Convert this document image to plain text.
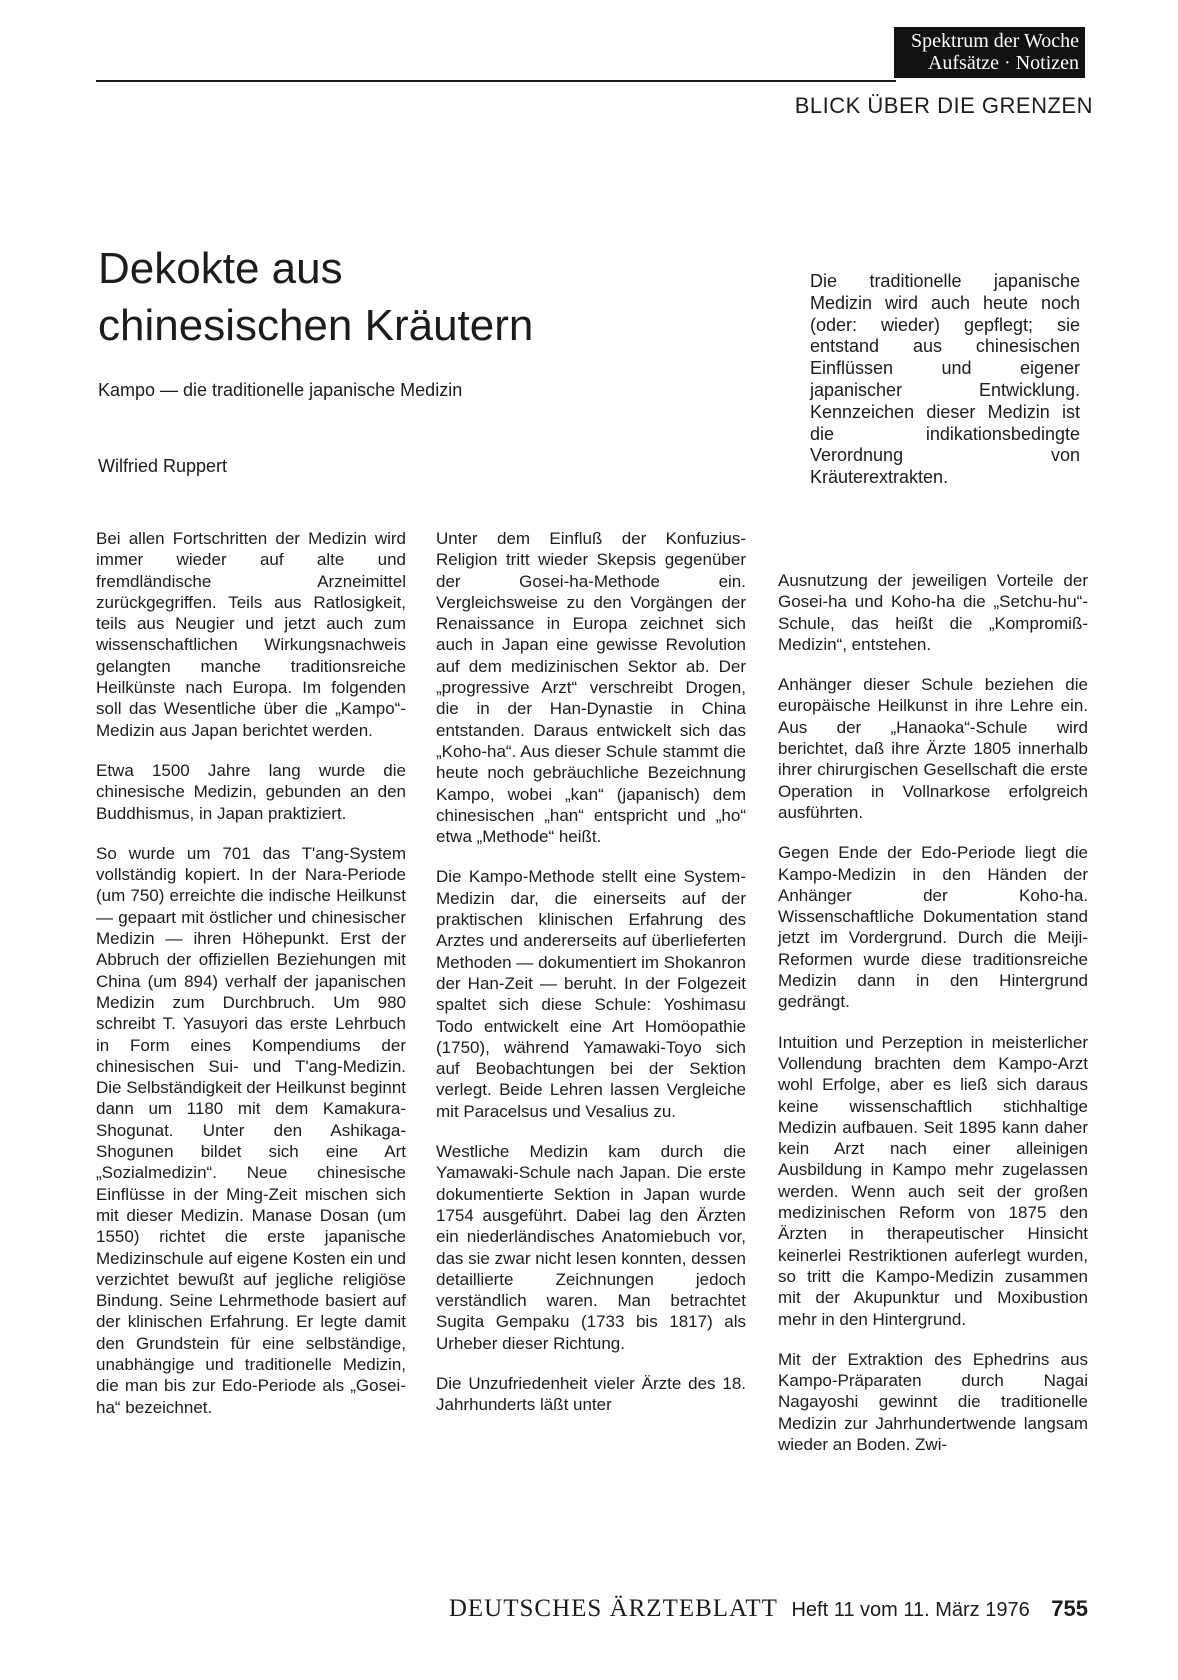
Spektrum der Woche
Aufsätze · Notizen
BLICK ÜBER DIE GRENZEN
Dekokte aus
chinesischen Kräutern
Kampo — die traditionelle japanische Medizin
Wilfried Ruppert

Die traditionelle japanische Medizin wird auch heute noch (oder: wieder) gepflegt; sie entstand aus chinesischen Einflüssen und eigener japanischer Entwicklung. Kennzeichen dieser Medizin ist die indikationsbedingte Verordnung von Kräuterextrakten.

Bei allen Fortschritten der Medizin wird immer wieder auf alte und fremdländische Arzneimittel zurückgegriffen. Teils aus Ratlosigkeit, teils aus Neugier und jetzt auch zum wissenschaftlichen Wirkungsnachweis gelangten manche traditionsreiche Heilkünste nach Europa. Im folgenden soll das Wesentliche über die „Kampo“-Medizin aus Japan berichtet werden.

Etwa 1500 Jahre lang wurde die chinesische Medizin, gebunden an den Buddhismus, in Japan praktiziert.

So wurde um 701 das T'ang-System vollständig kopiert. In der Nara-Periode (um 750) erreichte die indische Heilkunst — gepaart mit östlicher und chinesischer Medizin — ihren Höhepunkt. Erst der Abbruch der offiziellen Beziehungen mit China (um 894) verhalf der japanischen Medizin zum Durchbruch. Um 980 schreibt T. Yasuyori das erste Lehrbuch in Form eines Kompendiums der chinesischen Sui- und T'ang-Medizin. Die Selbständigkeit der Heilkunst beginnt dann um 1180 mit dem Kamakura-Shogunat. Unter den Ashikaga-Shogunen bildet sich eine Art „Sozialmedizin“. Neue chinesische Einflüsse in der Ming-Zeit mischen sich mit dieser Medizin. Manase Dosan (um 1550) richtet die erste japanische Medizinschule auf eigene Kosten ein und verzichtet bewußt auf jegliche religiöse Bindung. Seine Lehrmethode basiert auf der klinischen Erfahrung. Er legte damit den Grundstein für eine selbständige, unabhängige und traditionelle Medizin, die man bis zur Edo-Periode als „Gosei-ha“ bezeichnet.

Unter dem Einfluß der Konfuzius-Religion tritt wieder Skepsis gegenüber der Gosei-ha-Methode ein. Vergleichsweise zu den Vorgängen der Renaissance in Europa zeichnet sich auch in Japan eine gewisse Revolution auf dem medizinischen Sektor ab. Der „progressive Arzt“ verschreibt Drogen, die in der Han-Dynastie in China entstanden. Daraus entwickelt sich das „Koho-ha“. Aus dieser Schule stammt die heute noch gebräuchliche Bezeichnung Kampo, wobei „kan“ (japanisch) dem chinesischen „han“ entspricht und „ho“ etwa „Methode“ heißt.

Die Kampo-Methode stellt eine System-Medizin dar, die einerseits auf der praktischen klinischen Erfahrung des Arztes und andererseits auf überlieferten Methoden — dokumentiert im Shokanron der Han-Zeit — beruht. In der Folgezeit spaltet sich diese Schule: Yoshimasu Todo entwickelt eine Art Homöopathie (1750), während Yamawaki-Toyo sich auf Beobachtungen bei der Sektion verlegt. Beide Lehren lassen Vergleiche mit Paracelsus und Vesalius zu.

Westliche Medizin kam durch die Yamawaki-Schule nach Japan. Die erste dokumentierte Sektion in Japan wurde 1754 ausgeführt. Dabei lag den Ärzten ein niederländisches Anatomiebuch vor, das sie zwar nicht lesen konnten, dessen detaillierte Zeichnungen jedoch verständlich waren. Man betrachtet Sugita Gempaku (1733 bis 1817) als Urheber dieser Richtung.

Die Unzufriedenheit vieler Ärzte des 18. Jahrhunderts läßt unter

Ausnutzung der jeweiligen Vorteile der Gosei-ha und Koho-ha die „Setchu-hu“-Schule, das heißt die „Kompromiß-Medizin“, entstehen.

Anhänger dieser Schule beziehen die europäische Heilkunst in ihre Lehre ein. Aus der „Hanaoka“-Schule wird berichtet, daß ihre Ärzte 1805 innerhalb ihrer chirurgischen Gesellschaft die erste Operation in Vollnarkose erfolgreich ausführten.

Gegen Ende der Edo-Periode liegt die Kampo-Medizin in den Händen der Anhänger der Koho-ha. Wissenschaftliche Dokumentation stand jetzt im Vordergrund. Durch die Meiji-Reformen wurde diese traditionsreiche Medizin dann in den Hintergrund gedrängt.

Intuition und Perzeption in meisterlicher Vollendung brachten dem Kampo-Arzt wohl Erfolge, aber es ließ sich daraus keine wissenschaftlich stichhaltige Medizin aufbauen. Seit 1895 kann daher kein Arzt nach einer alleinigen Ausbildung in Kampo mehr zugelassen werden. Wenn auch seit der großen medizinischen Reform von 1875 den Ärzten in therapeutischer Hinsicht keinerlei Restriktionen auferlegt wurden, so tritt die Kampo-Medizin zusammen mit der Akupunktur und Moxibustion mehr in den Hintergrund.

Mit der Extraktion des Ephedrins aus Kampo-Präparaten durch Nagai Nagayoshi gewinnt die traditionelle Medizin zur Jahrhundertwende langsam wieder an Boden. Zwi-

DEUTSCHES ÄRZTEBLATT Heft 11 vom 11. März 1976 755
